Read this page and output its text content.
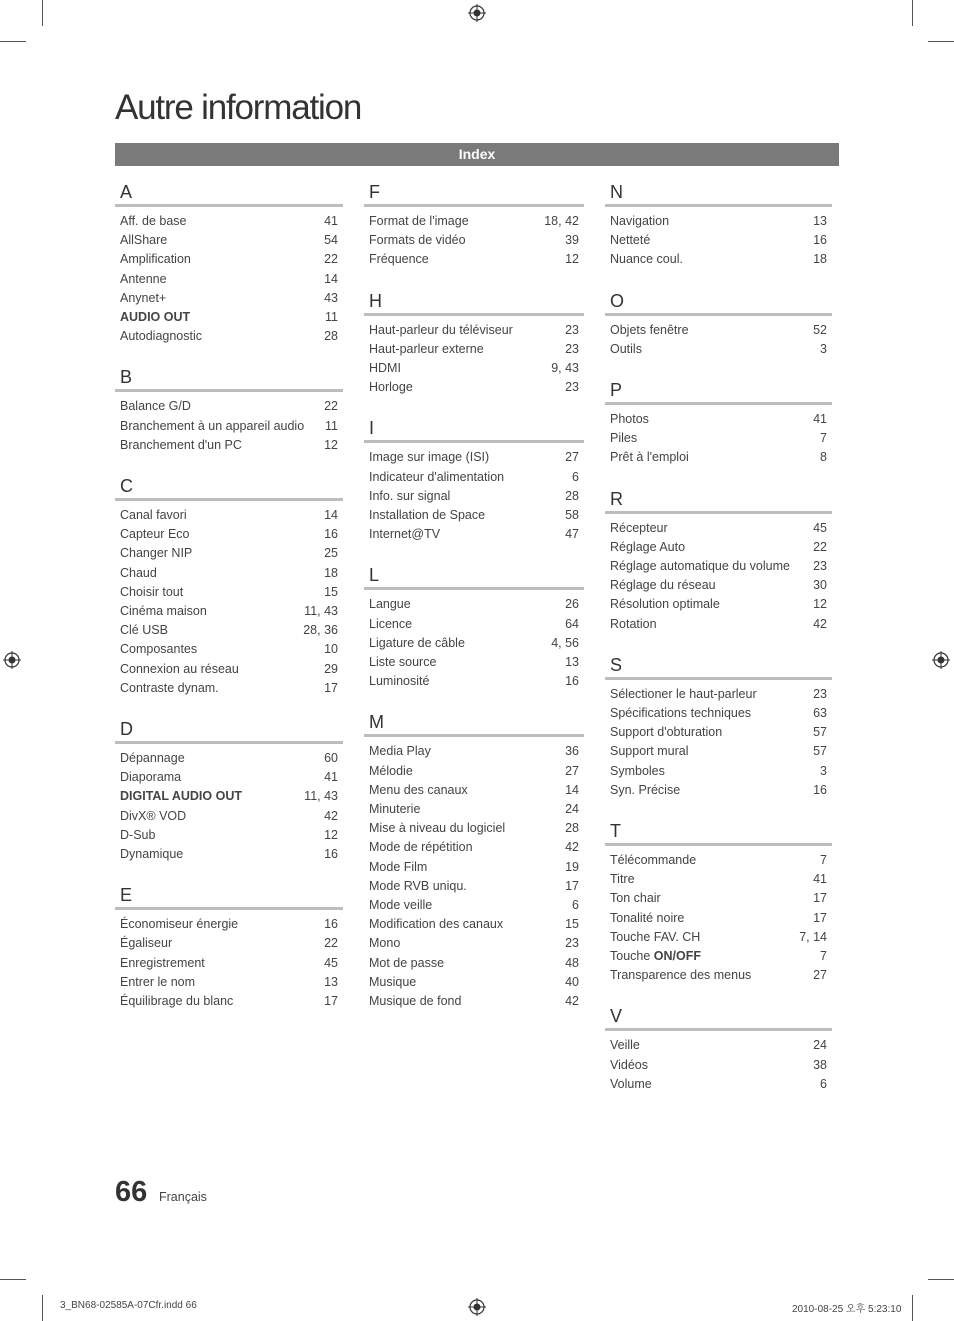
Autre information
Index
A
Aff. de base	41
AllShare	54
Amplification	22
Antenne	14
Anynet+	43
AUDIO OUT	11
Autodiagnostic	28
B
Balance G/D	22
Branchement à un appareil audio 11
Branchement d'un PC	12
C
Canal favori	14
Capteur Eco	16
Changer NIP	25
Chaud	18
Choisir tout	15
Cinéma maison	11, 43
Clé USB	28, 36
Composantes	10
Connexion au réseau	29
Contraste dynam.	17
D
Dépannage	60
Diaporama	41
DIGITAL AUDIO OUT	11, 43
DivX® VOD	42
D-Sub	12
Dynamique	16
E
Économiseur énergie	16
Égaliseur	22
Enregistrement	45
Entrer le nom	13
Équilibrage du blanc	17
F
Format de l'image	18, 42
Formats de vidéo	39
Fréquence	12
H
Haut-parleur du téléviseur	23
Haut-parleur externe	23
HDMI	9, 43
Horloge	23
I
Image sur image (ISI)	27
Indicateur d'alimentation	6
Info. sur signal	28
Installation de Space	58
Internet@TV	47
L
Langue	26
Licence	64
Ligature de câble	4, 56
Liste source	13
Luminosité	16
M
Media Play	36
Mélodie	27
Menu des canaux	14
Minuterie	24
Mise à niveau du logiciel	28
Mode de répétition	42
Mode Film	19
Mode RVB uniqu.	17
Mode veille	6
Modification des canaux	15
Mono	23
Mot de passe	48
Musique	40
Musique de fond	42
N
Navigation	13
Netteté	16
Nuance coul.	18
O
Objets fenêtre	52
Outils	3
P
Photos	41
Piles	7
Prêt à l'emploi	8
R
Récepteur	45
Réglage Auto	22
Réglage automatique du volume 23
Réglage du réseau	30
Résolution optimale	12
Rotation	42
S
Sélectioner le haut-parleur	23
Spécifications techniques	63
Support d'obturation	57
Support mural	57
Symboles	3
Syn. Précise	16
T
Télécommande	7
Titre	41
Ton chair	17
Tonalité noire	17
Touche FAV. CH	7, 14
Touche ON/OFF	7
Transparence des menus	27
V
Veille	24
Vidéos	38
Volume	6
66 Français
3_BN68-02585A-07Cfr.indd 66	2010-08-25 오후 5:23:10
